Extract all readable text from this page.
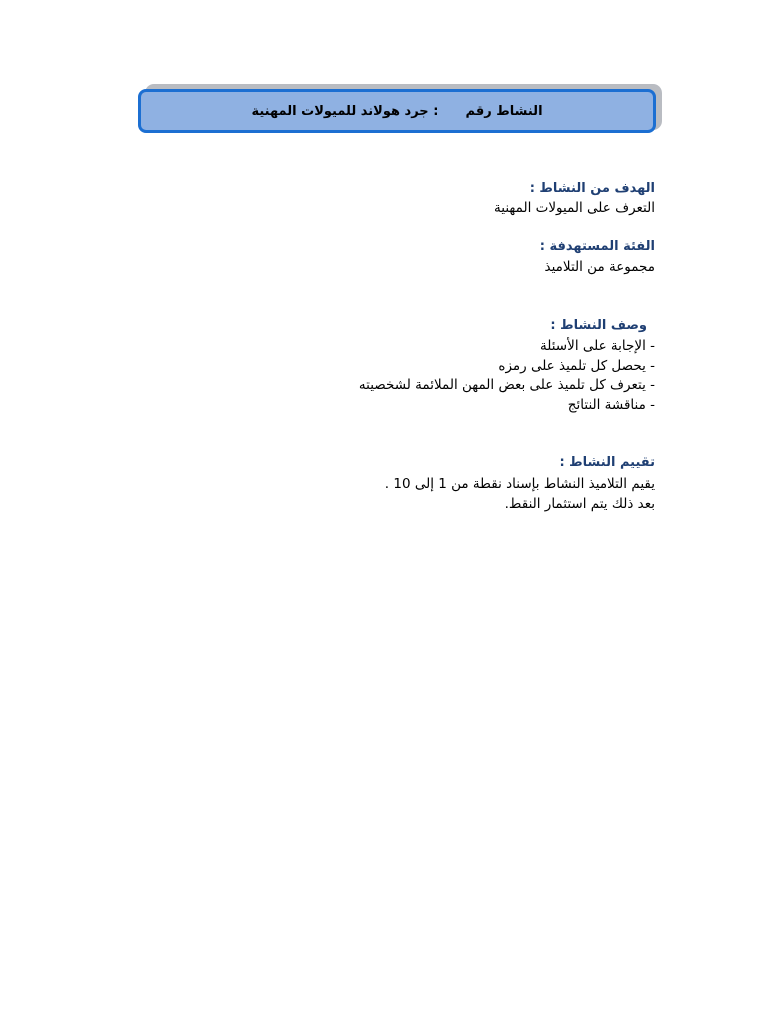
النشاط رقم

:

جرد هولاند للميولات المهنية
الهدف من النشاط :
التعرف على الميولات المهنية
الفئة المستهدفة :
مجموعة من التلاميذ
وصف النشاط :
- الإجابة على الأسئلة
- يحصل كل تلميذ على رمزه
- يتعرف كل تلميذ على بعض المهن الملائمة لشخصيته
- مناقشة النتائج
تقييم النشاط :
يقيم التلاميذ النشاط بإسناد نقطة من 1 إلى 10 .
بعد ذلك يتم استثمار النقط.
